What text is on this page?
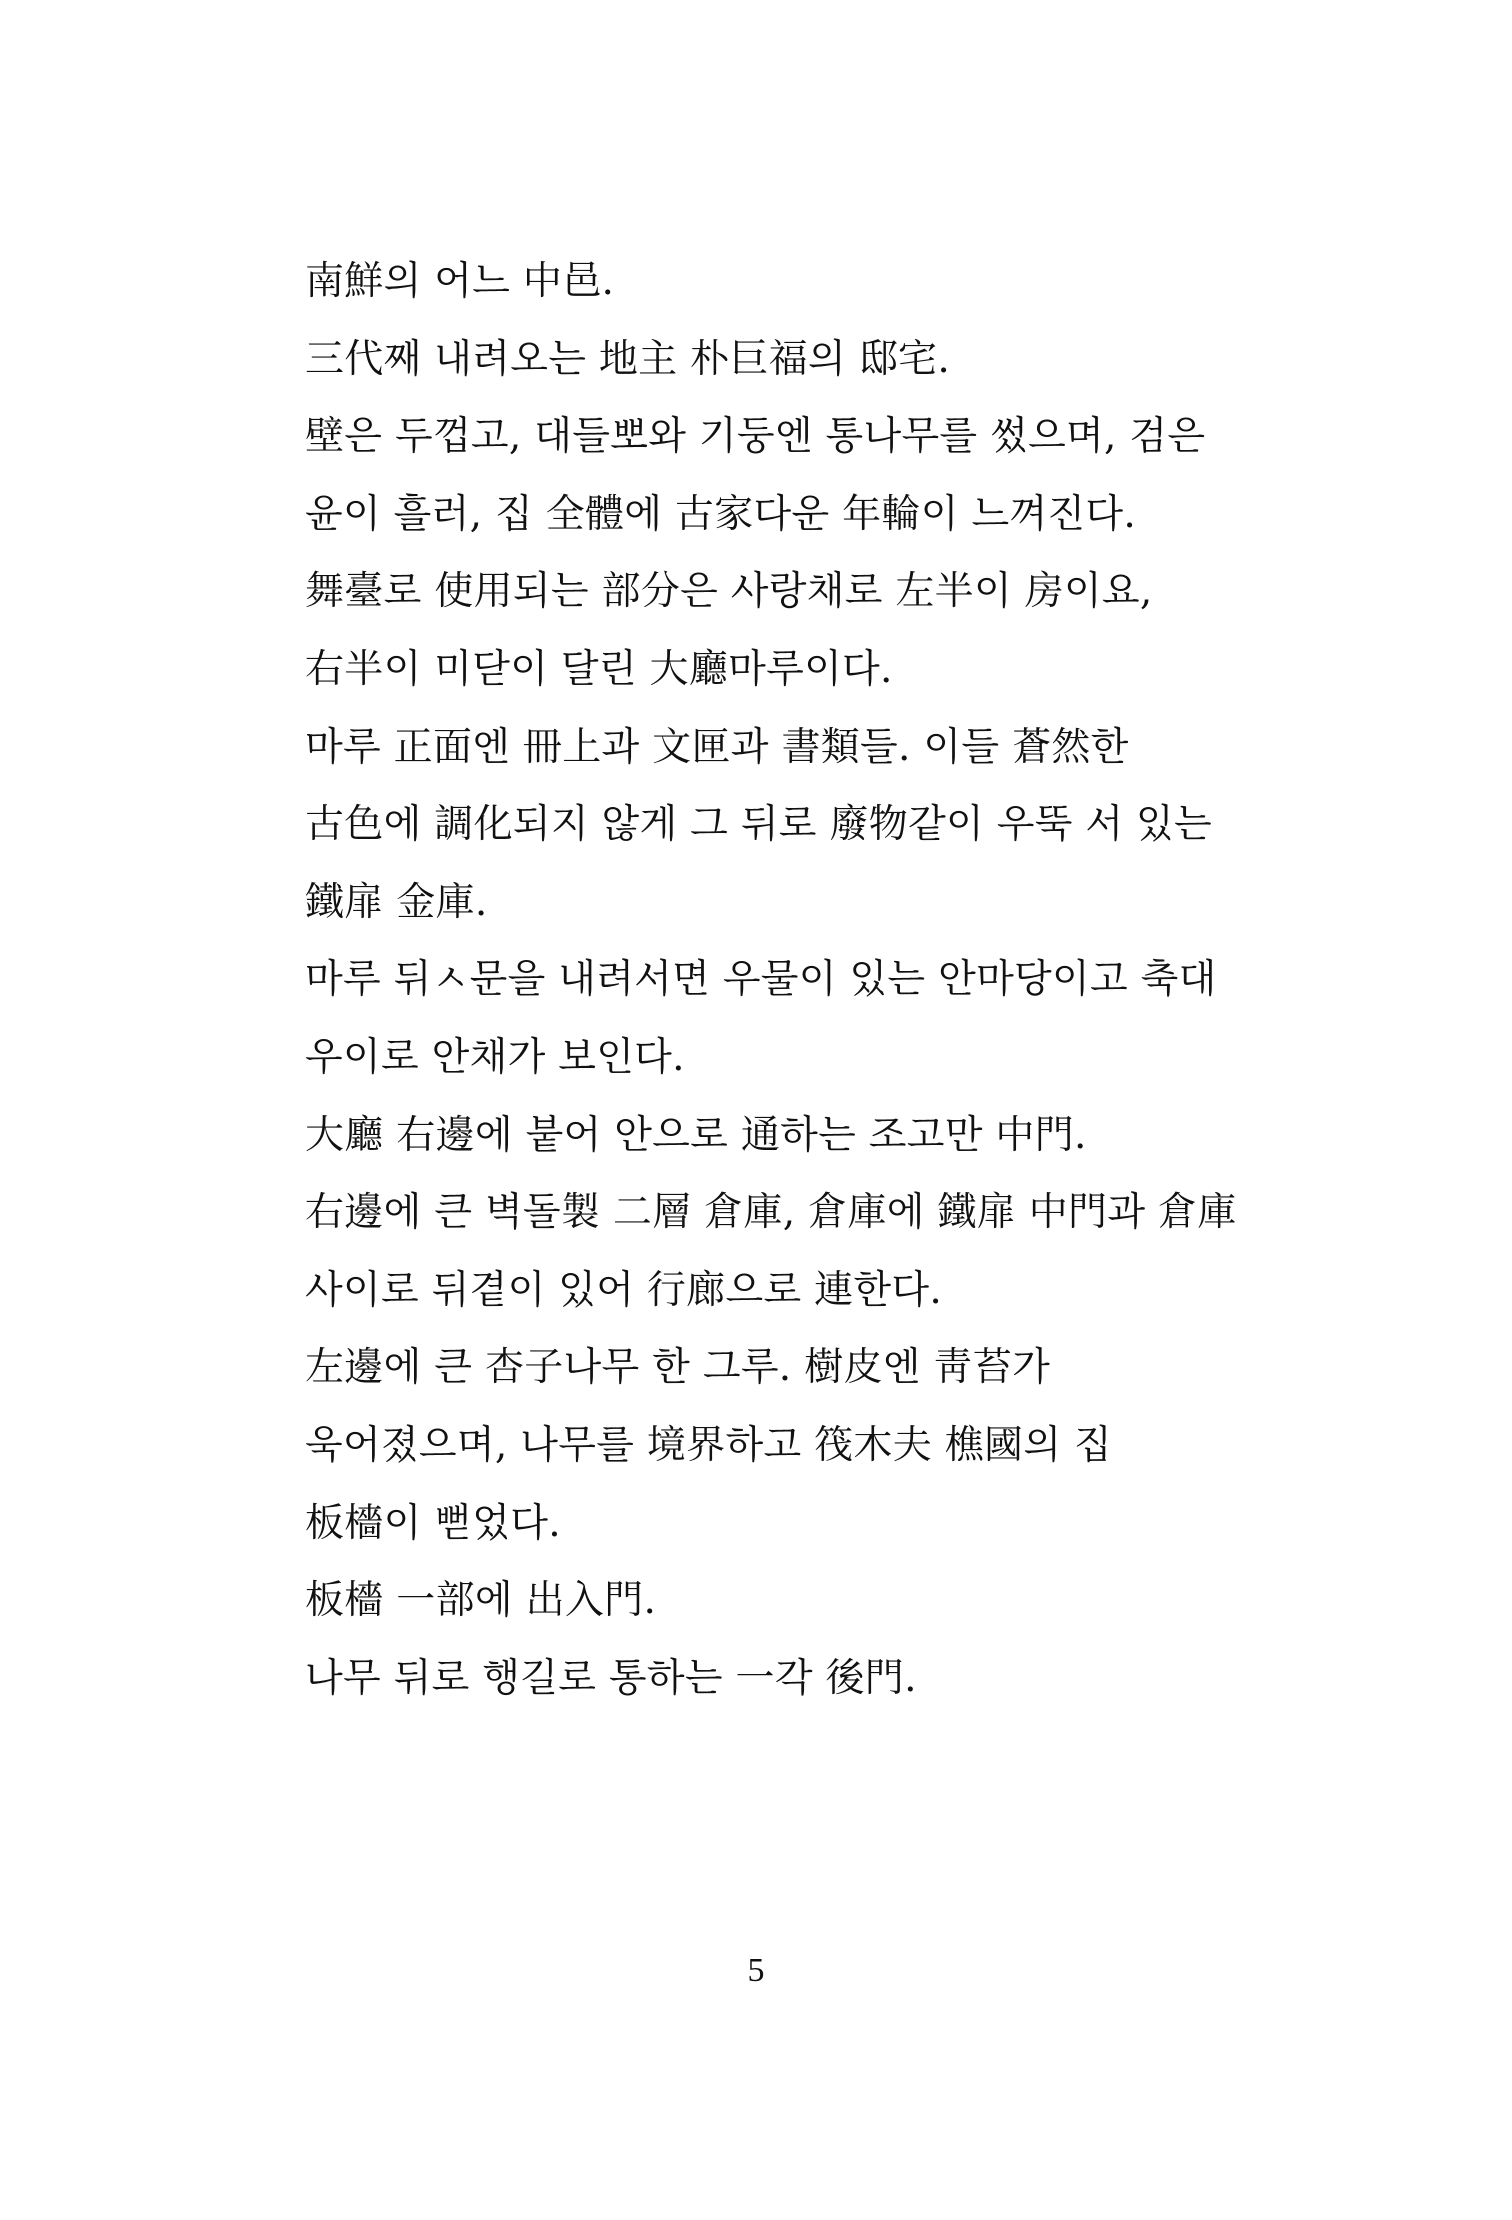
南鮮의 어느 中邑.

三代째 내려오는 地主 朴巨福의 邸宅.

壁은 두껍고, 대들뽀와 기둥엔 통나무를 썼으며, 검은 윤이 흘러, 집 全體에 古家다운 年輪이 느껴진다.

舞臺로 使用되는 部分은 사랑채로 左半이 房이요, 右半이 미닫이 달린 大廳마루이다.

마루 正面엔 冊上과 文匣과 書類들. 이들 蒼然한 古色에 調化되지 않게 그 뒤로 廢物같이 우뚝 서 있는 鐵扉 金庫.

마루 뒤ㅅ문을 내려서면 우물이 있는 안마당이고 축대 우이로 안채가 보인다.

大廳 右邊에 붙어 안으로 通하는 조고만 中門.

右邊에 큰 벽돌製 二層 倉庫, 倉庫에 鐵扉 中門과 倉庫 사이로 뒤곁이 있어 行廊으로 連한다.

左邊에 큰 杏子나무 한 그루. 樹皮엔 靑苔가 욱어졌으며, 나무를 境界하고 筏木夫 樵國의 집 板檣이 뻗었다.

板檣 一部에 出入門.

나무 뒤로 행길로 통하는 一각 後門.

5
